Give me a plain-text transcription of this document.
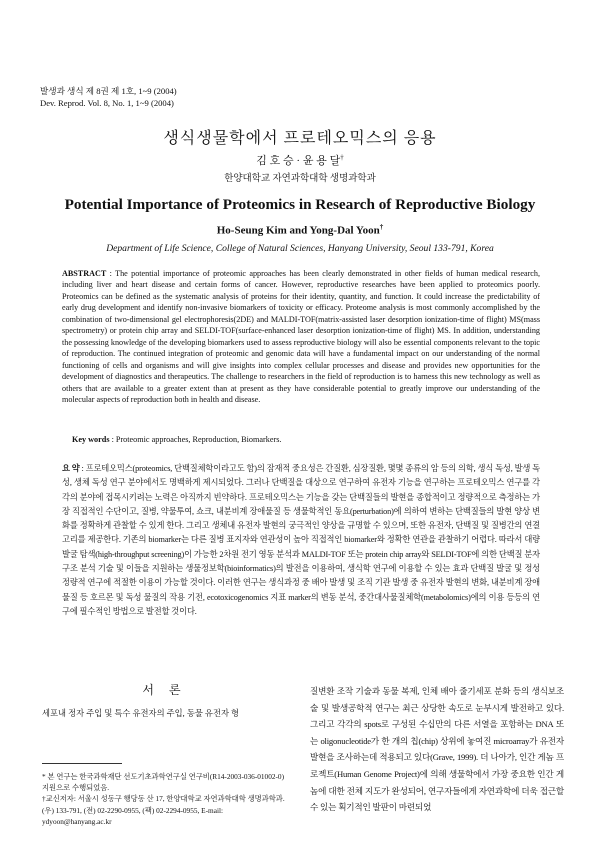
발생과 생식 제 8권 제 1호, 1~9 (2004)
Dev. Reprod. Vol. 8, No. 1, 1~9 (2004)
생식생물학에서 프로테오믹스의 응용
김 호 승 · 윤 용 달†
한양대학교 자연과학대학 생명과학과
Potential Importance of Proteomics in Research of Reproductive Biology
Ho-Seung Kim and Yong-Dal Yoon†
Department of Life Science, College of Natural Sciences, Hanyang University, Seoul 133-791, Korea
ABSTRACT : The potential importance of proteomic approaches has been clearly demonstrated in other fields of human medical research, including liver and heart disease and certain forms of cancer. However, reproductive researches have been applied to proteomics poorly. Proteomics can be defined as the systematic analysis of proteins for their identity, quantity, and function. It could increase the predictability of early drug development and identify non-invasive biomarkers of toxicity or efficacy. Proteome analysis is most commonly accomplished by the combination of two-dimensional gel electrophoresis(2DE) and MALDI-TOF(matrix-assisted laser desorption ionization-time of flight) MS(mass spectrometry) or protein chip array and SELDI-TOF(surface-enhanced laser desorption ionization-time of flight) MS. In addition, understanding the possessing knowledge of the developing biomarkers used to assess reproductive biology will also be essential components relevant to the topic of reproduction. The continued integration of proteomic and genomic data will have a fundamental impact on our understanding of the normal functioning of cells and organisms and will give insights into complex cellular processes and disease and provides new opportunities for the development of diagnostics and therapeutics. The challenge to researchers in the field of reproduction is to harness this new technology as well as others that are available to a greater extent than at present as they have considerable potential to greatly improve our understanding of the molecular aspects of reproduction both in health and disease.
Key words : Proteomic approaches, Reproduction, Biomarkers.
요 약 : 프로테오믹스(proteomics, 단백질체학이라고도 함)의 잠재적 중요성은 간질환, 심장질환, 몇몇 종류의 암 등의 의학, 생식 독성, 발생 독성, 생체 독성 연구 분야에서도 명백하게 제시되었다. 그러나 단백질을 대상으로 연구하여 유전자 기능을 연구하는 프로테오믹스 연구를 각각의 분야에 접목시키려는 노력은 아직까지 빈약하다. 프로테오믹스는 기능을 갖는 단백질들의 발현을 종합적이고 정량적으로 측정하는 가장 직접적인 수단이고, 질병, 약물투여, 쇼크, 내분비계 장애물질 등 생물학적인 동요(perturbation)에 의하여 변하는 단백질들의 발현 양상 변화를 정확하게 관찰할 수 있게 한다. 그리고 생체내 유전자 발현의 궁극적인 양상을 규명할 수 있으며, 또한 유전자, 단백질 및 질병간의 연결고리를 제공한다. 기존의 biomarker는 다른 질병 표지자와 연관성이 높아 직접적인 biomarker와 정확한 연관을 관찰하기 어렵다. 따라서 대량 발굴 탐색(high-throughput screening)이 가능한 2차원 전기 영동 분석과 MALDI-TOF 또는 protein chip array와 SELDI-TOF에 의한 단백질 분자 구조 분석 기술 및 이들을 지원하는 생물정보학(bioinformatics)의 발전을 이용하여, 생식학 연구에 이용할 수 있는 효과 단백질 발굴 및 정성 정량적 연구에 적절한 이용이 가능할 것이다. 이러한 연구는 생식과정 중 배아 발생 및 조직 기관 발생 중 유전자 발현의 변화, 내분비계 장애물질 등 호르몬 및 독성 물질의 작용 기전, ecotoxicogenomics 지표 marker의 변동 분석, 중간대사물질체학(metabolomics)에의 이용 등등의 연구에 필수적인 방법으로 발전할 것이다.
서 론
세포내 정자 주입 및 특수 유전자의 주입, 동물 유전자 형

* 본 연구는 한국과학재단 선도기초과학연구실 연구비(R14-2003-036-01002-0) 지원으로 수행되었음.

†교신저자: 서울시 성동구 행당동 산 17, 한양대학교 자연과학대학 생명과학과. (우) 133-791, (전) 02-2290-0955, (팩) 02-2294-0955, E-mail: ydyoon@hanyang.ac.kr

질변환 조작 기술과 동물 복제, 인체 배아 줄기세포 분화 등의 생식보조술 및 발생공학적 연구는 최근 상당한 속도로 눈부시게 발전하고 있다. 그리고 각각의 spots로 구성된 수십만의 다른 서열을 포함하는 DNA 또는 oligonucleotide가 한 개의 칩(chip) 상위에 놓여진 microarray가 유전자 발현을 조사하는데 적용되고 있다(Grave, 1999). 더 나아가, 인간 게놈 프로젝트(Human Genome Project)에 의해 생물학에서 가장 중요한 인간 게놈에 대한 전체 지도가 완성되어, 연구자들에게 자연과학에 더욱 접근할 수 있는 획기적인 발판이 마련되었
